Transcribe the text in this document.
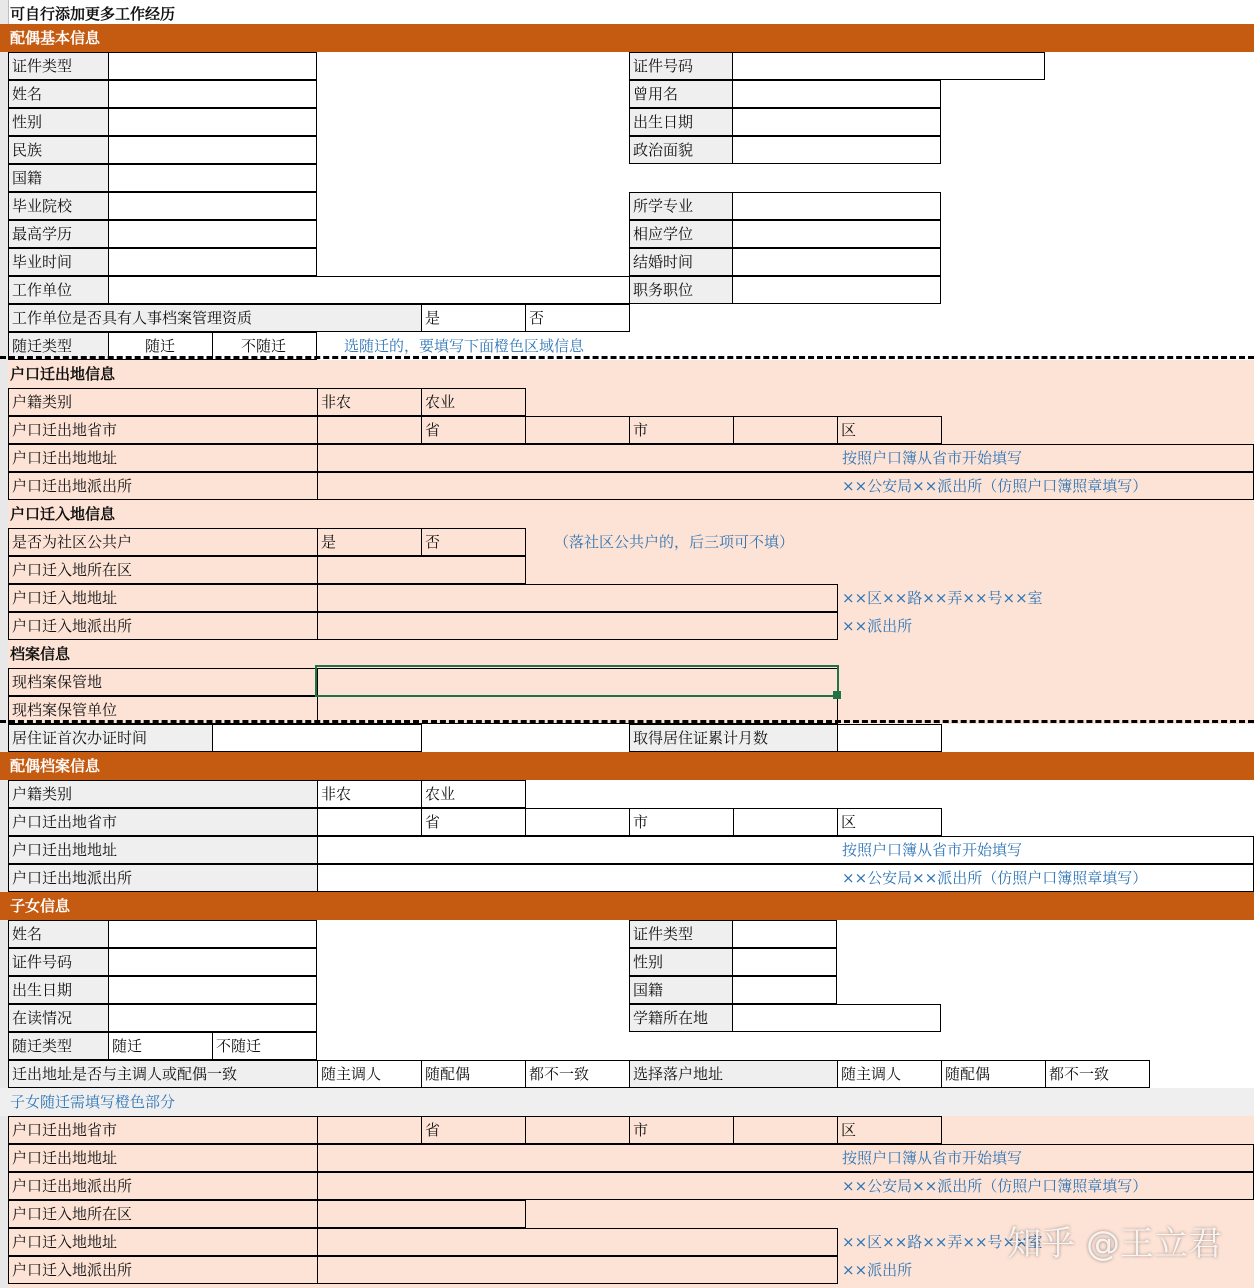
可自行添加更多工作经历
配偶基本信息
证件类型	证件号码
姓名	曾用名
性别	出生日期
民族	政治面貌
国籍
毕业院校	所学专业
最高学历	相应学位
毕业时间	结婚时间
工作单位	职务职位
工作单位是否具有人事档案管理资质	是	否
随迁类型	随迁	不随迁	选随迁的，要填写下面橙色区域信息
户口迁出地信息
户籍类别	非农	农业
户口迁出地省市	省	市	区
户口迁出地地址	按照户口簿从省市开始填写
户口迁出地派出所	××公安局××派出所（仿照户口簿照章填写）
户口迁入地信息
是否为社区公共户	是	否	（落社区公共户的，后三项可不填）
户口迁入地所在区
户口迁入地地址	××区××路××弄××号××室
户口迁入地派出所	××派出所
档案信息
现档案保管地
现档案保管单位
居住证首次办证时间	取得居住证累计月数
配偶档案信息
户籍类别	非农	农业
户口迁出地省市	省	市	区
户口迁出地地址	按照户口簿从省市开始填写
户口迁出地派出所	××公安局××派出所（仿照户口簿照章填写）
子女信息
姓名	证件类型
证件号码	性别
出生日期	国籍
在读情况	学籍所在地
随迁类型	随迁	不随迁
迁出地址是否与主调人或配偶一致	随主调人	随配偶	都不一致	选择落户地址	随主调人	随配偶	都不一致
子女随迁需填写橙色部分
户口迁出地省市	省	市	区
户口迁出地地址	按照户口簿从省市开始填写
户口迁出地派出所	××公安局××派出所（仿照户口簿照章填写）
户口迁入地所在区
户口迁入地地址	××区××路××弄××号××室
户口迁入地派出所	××派出所
知乎 @王立君
